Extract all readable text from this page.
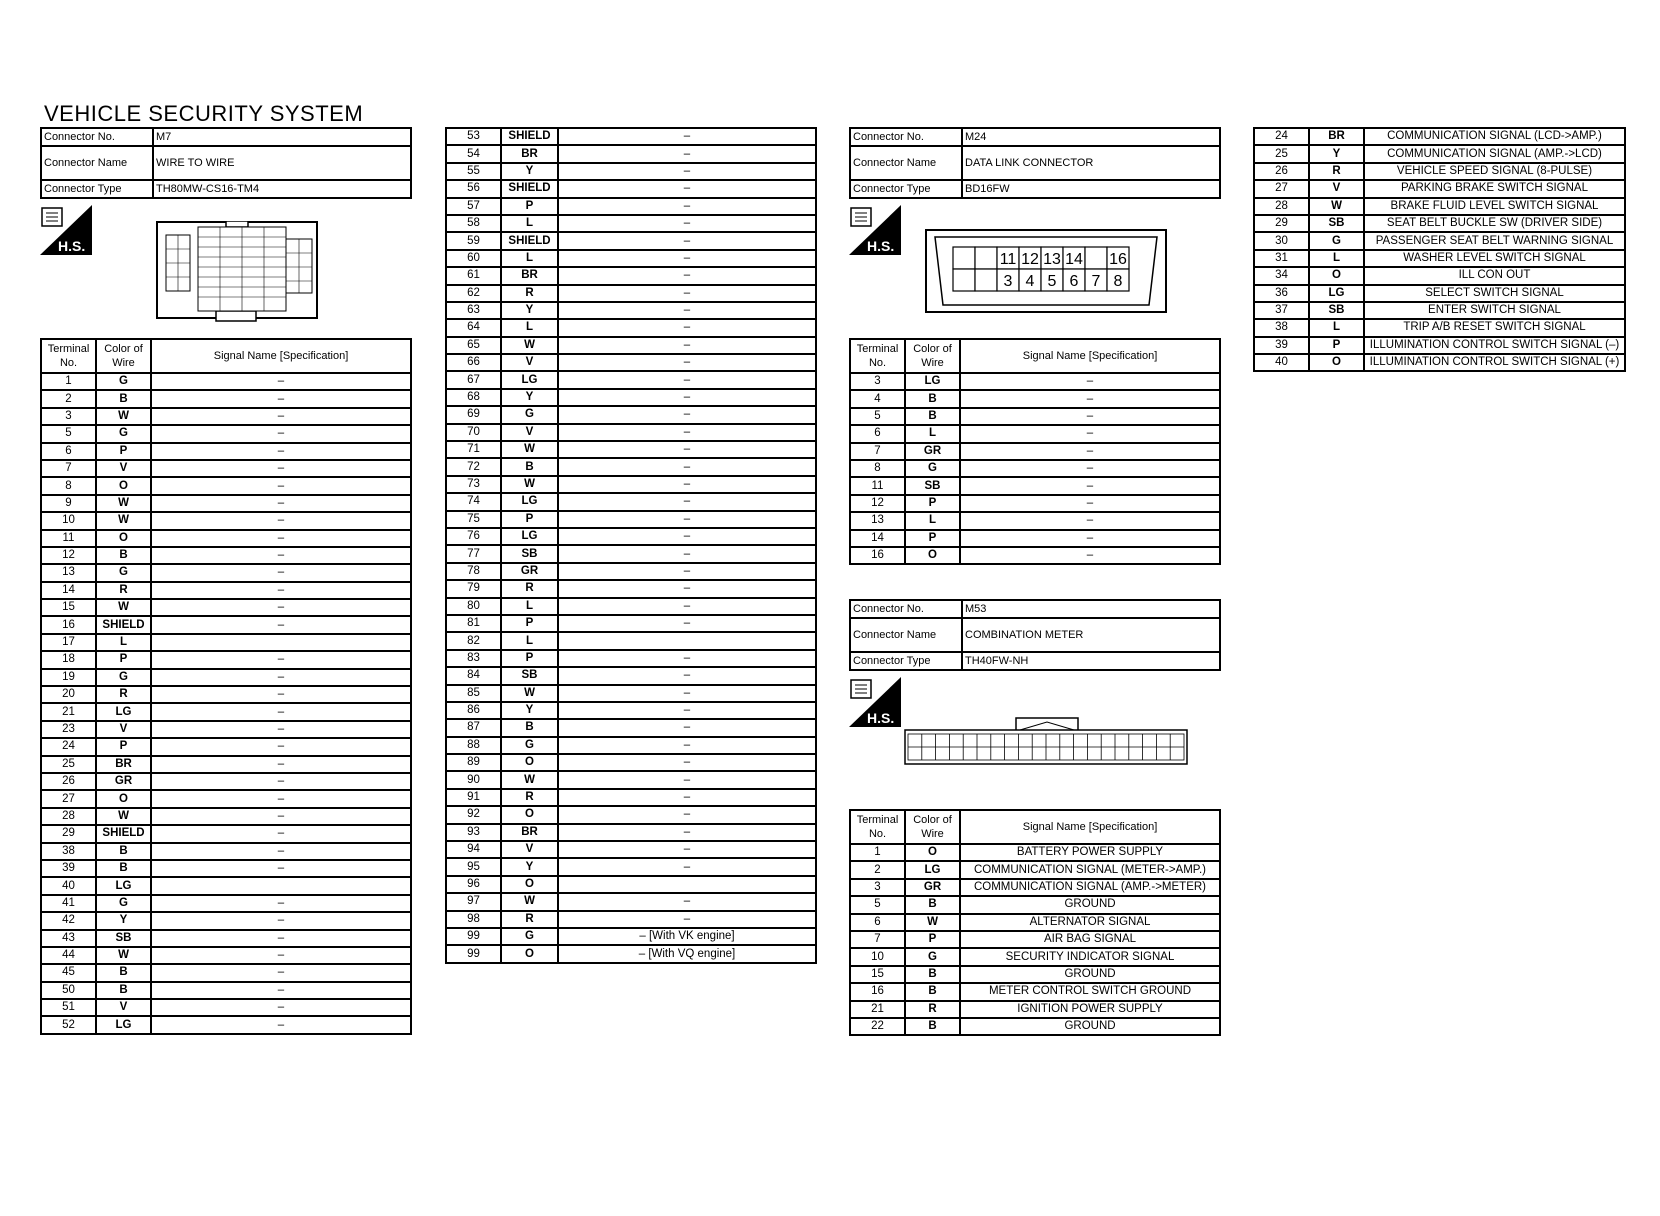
VEHICLE SECURITY SYSTEM
Connector No.	M7
Connector Name	WIRE TO WIRE
Connector Type	TH80MW-CS16-TM4
H.S.
Terminal No.	Color of Wire	Signal Name [Specification]
1	G	–
2	B	–
3	W	–
5	G	–
6	P	–
7	V	–
8	O	–
9	W	–
10	W	–
11	O	–
12	B	–
13	G	–
14	R	–
15	W	–
16	SHIELD	–
17	L	
18	P	–
19	G	–
20	R	–
21	LG	–
23	V	–
24	P	–
25	BR	–
26	GR	–
27	O	–
28	W	–
29	SHIELD	–
38	B	–
39	B	–
40	LG	
41	G	–
42	Y	–
43	SB	–
44	W	–
45	B	–
50	B	–
51	V	–
52	LG	–
53	SHIELD	–
54	BR	–
55	Y	–
56	SHIELD	–
57	P	–
58	L	–
59	SHIELD	–
60	L	–
61	BR	–
62	R	–
63	Y	–
64	L	–
65	W	–
66	V	–
67	LG	–
68	Y	–
69	G	–
70	V	–
71	W	–
72	B	–
73	W	–
74	LG	–
75	P	–
76	LG	–
77	SB	–
78	GR	–
79	R	–
80	L	–
81	P	–
82	L	
83	P	–
84	SB	–
85	W	–
86	Y	–
87	B	–
88	G	–
89	O	–
90	W	–
91	R	–
92	O	–
93	BR	–
94	V	–
95	Y	–
96	O	
97	W	–
98	R	–
99	G	– [With VK engine]
99	O	– [With VQ engine]
Connector No.	M24
Connector Name	DATA LINK CONNECTOR
Connector Type	BD16FW
H.S.
11 12 13 14 16
3 4 5 6 7 8
Terminal No.	Color of Wire	Signal Name [Specification]
3	LG	–
4	B	–
5	B	–
6	L	–
7	GR	–
8	G	–
11	SB	–
12	P	–
13	L	–
14	P	–
16	O	–
Connector No.	M53
Connector Name	COMBINATION METER
Connector Type	TH40FW-NH
H.S.
Terminal No.	Color of Wire	Signal Name [Specification]
1	O	BATTERY POWER SUPPLY
2	LG	COMMUNICATION SIGNAL (METER->AMP.)
3	GR	COMMUNICATION SIGNAL (AMP.->METER)
5	B	GROUND
6	W	ALTERNATOR SIGNAL
7	P	AIR BAG SIGNAL
10	G	SECURITY INDICATOR SIGNAL
15	B	GROUND
16	B	METER CONTROL SWITCH GROUND
21	R	IGNITION POWER SUPPLY
22	B	GROUND
24	BR	COMMUNICATION SIGNAL (LCD->AMP.)
25	Y	COMMUNICATION SIGNAL (AMP.->LCD)
26	R	VEHICLE SPEED SIGNAL (8-PULSE)
27	V	PARKING BRAKE SWITCH SIGNAL
28	W	BRAKE FLUID LEVEL SWITCH SIGNAL
29	SB	SEAT BELT BUCKLE SW (DRIVER SIDE)
30	G	PASSENGER SEAT BELT WARNING SIGNAL
31	L	WASHER LEVEL SWITCH SIGNAL
34	O	ILL CON OUT
36	LG	SELECT SWITCH SIGNAL
37	SB	ENTER SWITCH SIGNAL
38	L	TRIP A/B RESET SWITCH SIGNAL
39	P	ILLUMINATION CONTROL SWITCH SIGNAL (–)
40	O	ILLUMINATION CONTROL SWITCH SIGNAL (+)
